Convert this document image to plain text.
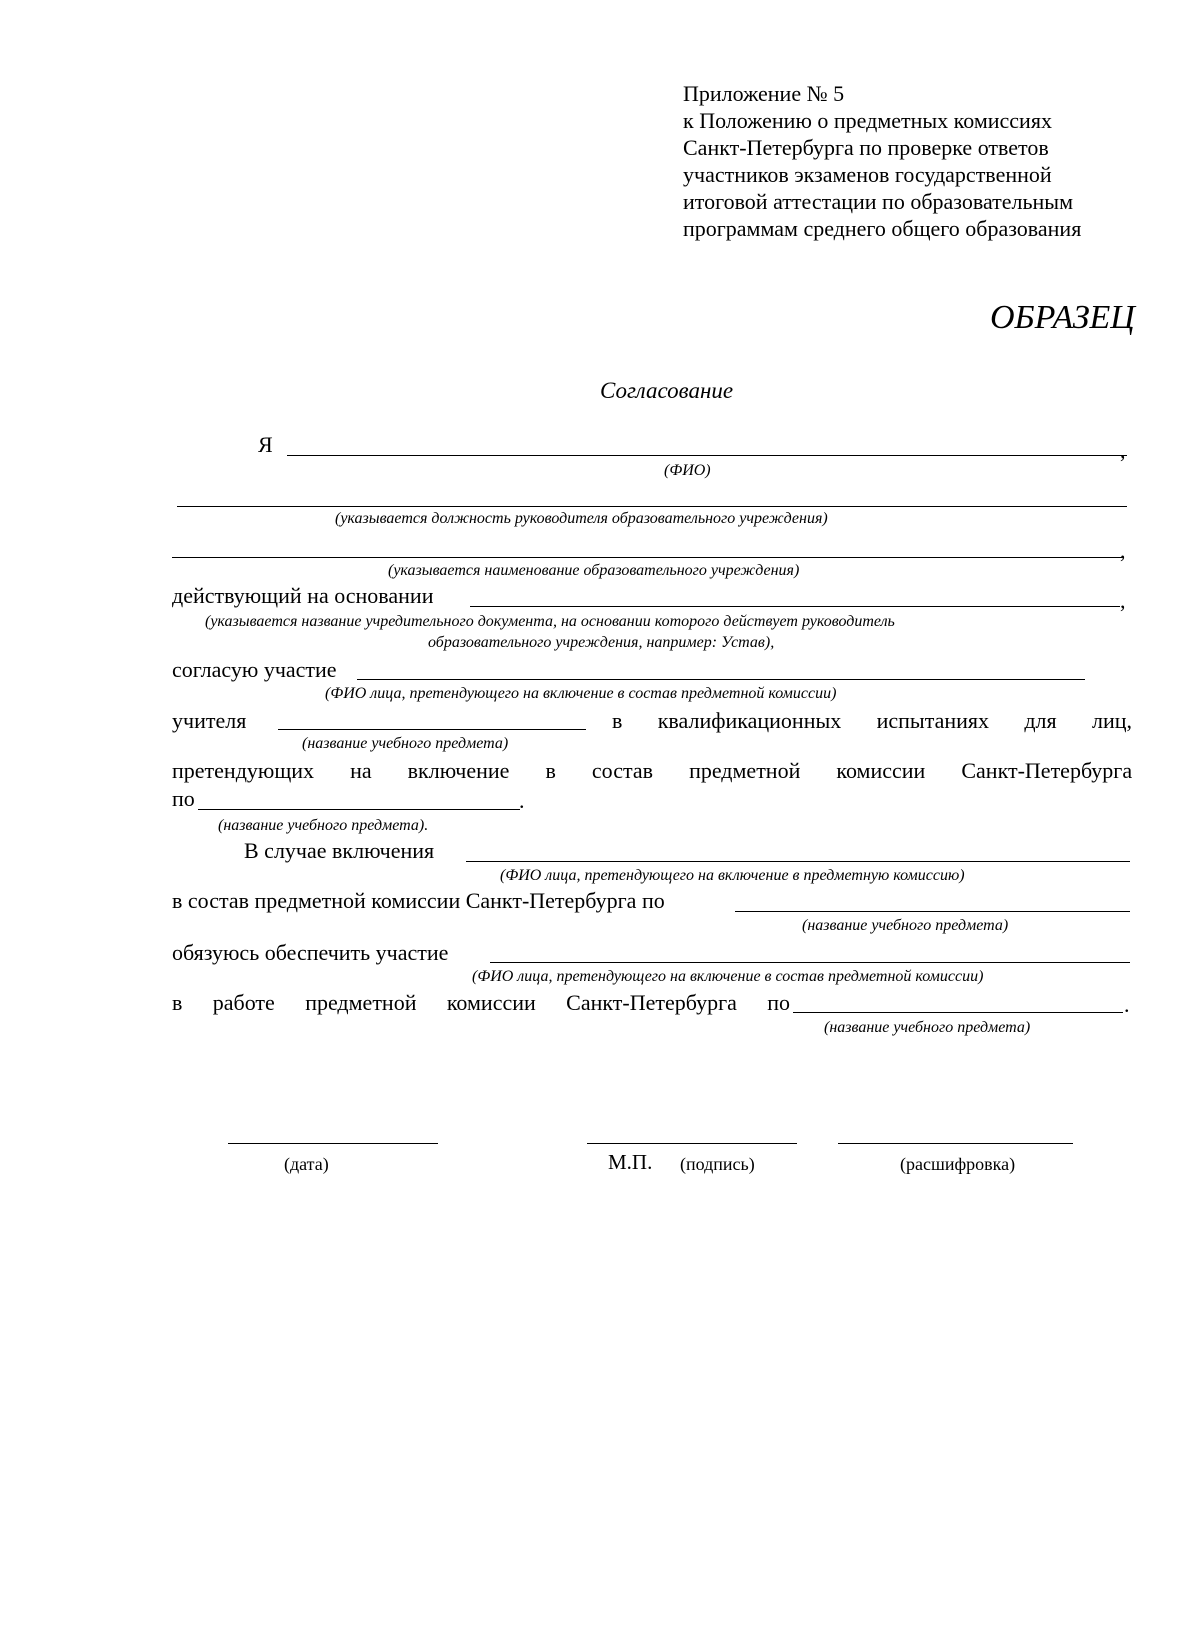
Приложение № 5
к Положению о предметных комиссиях
Санкт-Петербурга по проверке ответов
участников экзаменов государственной
итоговой аттестации по образовательным
программам среднего общего образования
ОБРАЗЕЦ
Согласование
Я	,
(ФИО)
(указывается должность руководителя образовательного учреждения)
,
(указывается наименование образовательного учреждения)
действующий на основании	,
(указывается название учредительного документа, на основании которого действует руководитель
образовательного учреждения, например: Устав),
согласую участие
(ФИО лица, претендующего на включение в состав предметной комиссии)
учителя	в квалификационных испытаниях для лиц,
(название учебного предмета)
претендующих на включение в состав предметной комиссии Санкт-Петербурга
по	.
(название учебного предмета).
В случае включения
(ФИО лица, претендующего на включение в предметную комиссию)
в состав предметной комиссии Санкт-Петербурга по
(название учебного предмета)
обязуюсь обеспечить участие
(ФИО лица, претендующего на включение в состав предметной комиссии)
в работе предметной комиссии Санкт-Петербурга по	.
(название учебного предмета)
(дата)	М.П. (подпись)	(расшифровка)
